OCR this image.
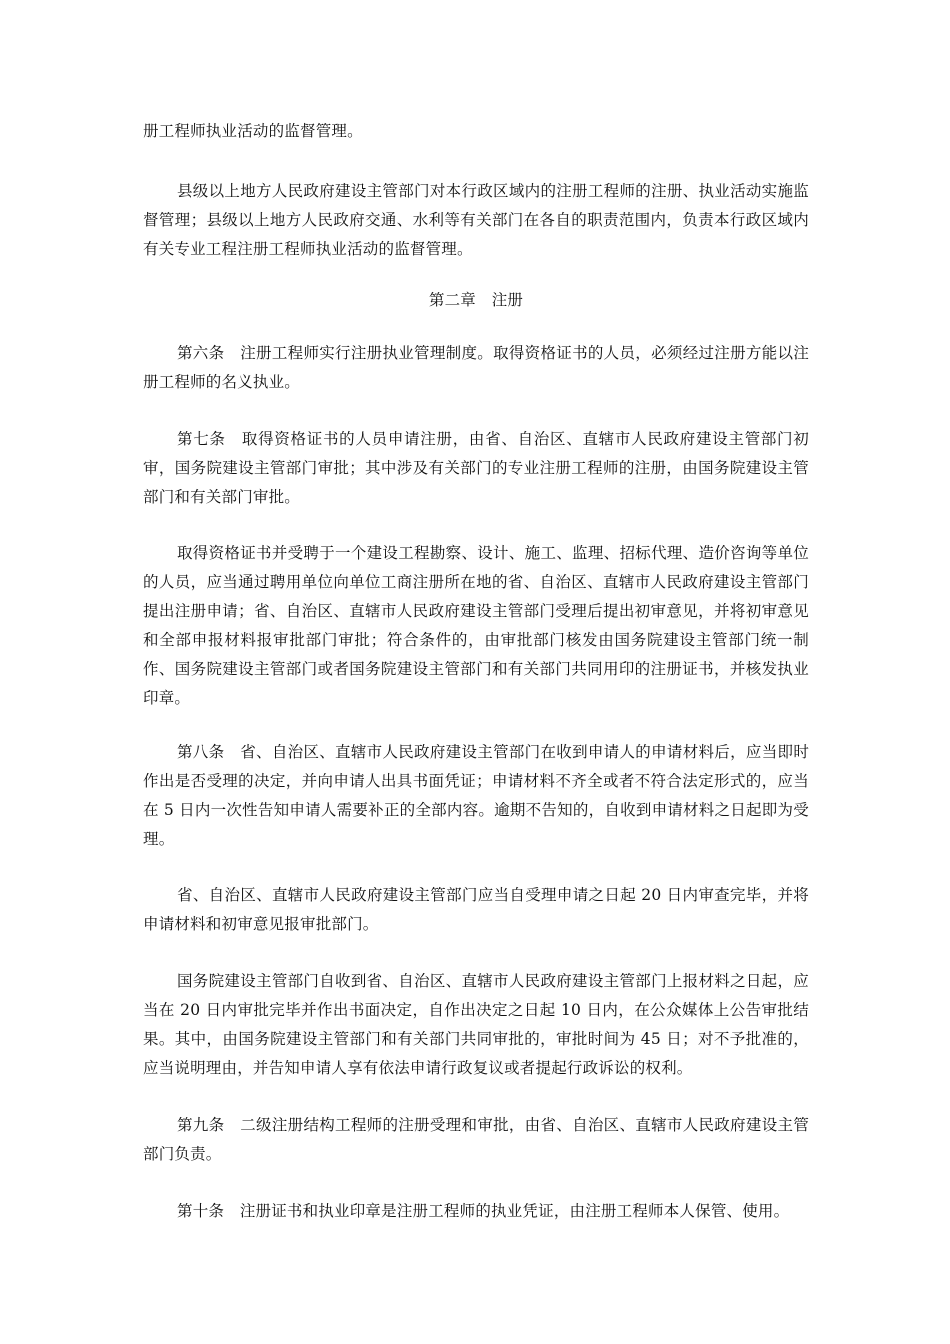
册工程师执业活动的监督管理。

县级以上地方人民政府建设主管部门对本行政区域内的注册工程师的注册、执业活动实施监督管理；县级以上地方人民政府交通、水利等有关部门在各自的职责范围内，负责本行政区域内有关专业工程注册工程师执业活动的监督管理。

第二章　注册

第六条　 注册工程师实行注册执业管理制度。取得资格证书的人员，必须经过注册方能以注册工程师的名义执业。

第七条　 取得资格证书的人员申请注册，由省、自治区、直辖市人民政府建设主管部门初审，国务院建设主管部门审批；其中涉及有关部门的专业注册工程师的注册，由国务院建设主管部门和有关部门审批。

取得资格证书并受聘于一个建设工程勘察、设计、施工、监理、招标代理、造价咨询等单位的人员，应当通过聘用单位向单位工商注册所在地的省、自治区、直辖市人民政府建设主管部门提出注册申请；省、自治区、直辖市人民政府建设主管部门受理后提出初审意见，并将初审意见和全部申报材料报审批部门审批；符合条件的，由审批部门核发由国务院建设主管部门统一制作、国务院建设主管部门或者国务院建设主管部门和有关部门共同用印的注册证书，并核发执业印章。

第八条　 省、自治区、直辖市人民政府建设主管部门在收到申请人的申请材料后，应当即时作出是否受理的决定，并向申请人出具书面凭证；申请材料不齐全或者不符合法定形式的，应当在 5 日内一次性告知申请人需要补正的全部内容。逾期不告知的，自收到申请材料之日起即为受理。

省、自治区、直辖市人民政府建设主管部门应当自受理申请之日起 20 日内审查完毕，并将申请材料和初审意见报审批部门。

国务院建设主管部门自收到省、自治区、直辖市人民政府建设主管部门上报材料之日起，应当在 20 日内审批完毕并作出书面决定，自作出决定之日起 10 日内，在公众媒体上公告审批结果。其中，由国务院建设主管部门和有关部门共同审批的，审批时间为 45 日；对不予批准的，应当说明理由，并告知申请人享有依法申请行政复议或者提起行政诉讼的权利。

第九条　 二级注册结构工程师的注册受理和审批，由省、自治区、直辖市人民政府建设主管部门负责。

第十条　 注册证书和执业印章是注册工程师的执业凭证，由注册工程师本人保管、使用。
